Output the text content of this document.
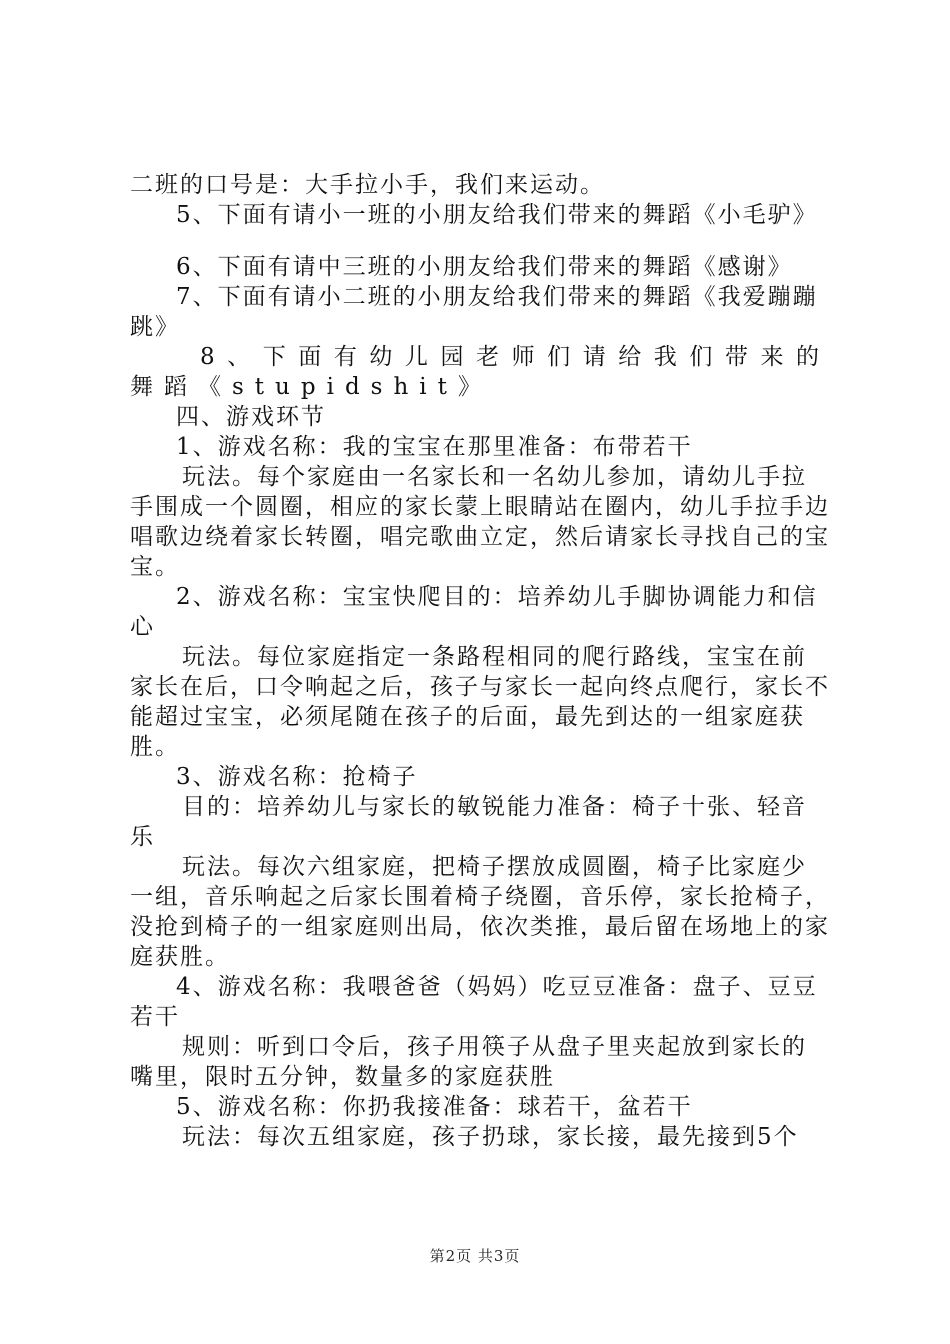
二班的口号是：大手拉小手，我们来运动。

5、下面有请小一班的小朋友给我们带来的舞蹈《小毛驴》

6、下面有请中三班的小朋友给我们带来的舞蹈《感谢》

7、下面有请小二班的小朋友给我们带来的舞蹈《我爱蹦蹦跳》

8、下面有幼儿园老师们请给我们带来的舞蹈《stupidshit》

四、游戏环节

1、游戏名称：我的宝宝在那里准备：布带若干

玩法。每个家庭由一名家长和一名幼儿参加，请幼儿手拉手围成一个圆圈，相应的家长蒙上眼睛站在圈内，幼儿手拉手边唱歌边绕着家长转圈，唱完歌曲立定，然后请家长寻找自己的宝宝。

2、游戏名称：宝宝快爬目的：培养幼儿手脚协调能力和信心

玩法。每位家庭指定一条路程相同的爬行路线，宝宝在前家长在后，口令响起之后，孩子与家长一起向终点爬行，家长不能超过宝宝，必须尾随在孩子的后面，最先到达的一组家庭获胜。

3、游戏名称：抢椅子

目的：培养幼儿与家长的敏锐能力准备：椅子十张、轻音乐

玩法。每次六组家庭，把椅子摆放成圆圈，椅子比家庭少一组，音乐响起之后家长围着椅子绕圈，音乐停，家长抢椅子，没抢到椅子的一组家庭则出局，依次类推，最后留在场地上的家庭获胜。

4、游戏名称：我喂爸爸（妈妈）吃豆豆准备：盘子、豆豆若干

规则：听到口令后，孩子用筷子从盘子里夹起放到家长的嘴里，限时五分钟，数量多的家庭获胜

5、游戏名称：你扔我接准备：球若干，盆若干

玩法：每次五组家庭，孩子扔球，家长接，最先接到5个

第2页 共3页
